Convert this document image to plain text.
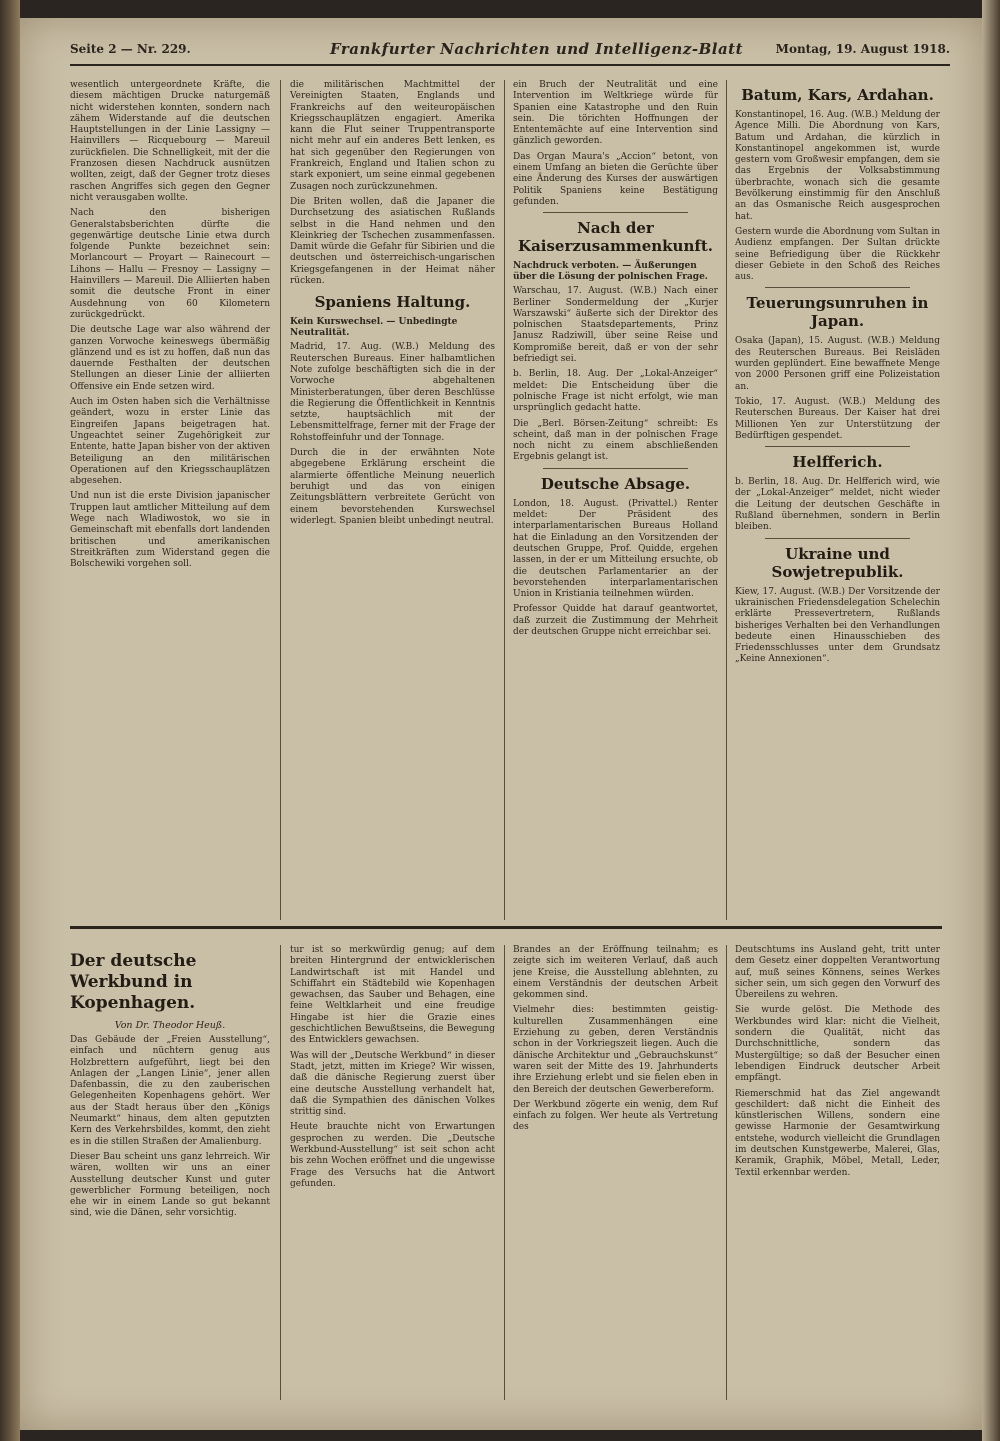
Seite 2 — Nr. 229.	Frankfurter Nachrichten und Intelligenz-Blatt	Montag, 19. August 1918.

wesentlich untergeordnete Kräfte, die diesem mächtigen Drucke naturgemäß nicht widerstehen konnten, sondern nach zähem Widerstande auf die deutschen Hauptstellungen in der Linie Lassigny — Hainvillers — Ricquebourg — Mareuil zurückfielen. Die Schnelligkeit, mit der die Franzosen diesen Nachdruck ausnützen wollten, zeigt, daß der Gegner trotz dieses raschen Angriffes sich gegen den Gegner nicht verausgaben wollte.

Nach den bisherigen Generalstabsberichten dürfte die gegenwärtige deutsche Linie etwa durch folgende Punkte bezeichnet sein: Morlancourt — Proyart — Rainecourt — Lihons — Hallu — Fresnoy — Lassigny — Hainvillers — Mareuil. Die Alliierten haben somit die deutsche Front in einer Ausdehnung von 60 Kilometern zurückgedrückt.

Die deutsche Lage war also während der ganzen Vorwoche keineswegs übermäßig glänzend und es ist zu hoffen, daß nun das dauernde Festhalten der deutschen Stellungen an dieser Linie der alliierten Offensive ein Ende setzen wird.

Auch im Osten haben sich die Verhältnisse geändert, wozu in erster Linie das Eingreifen Japans beigetragen hat. Ungeachtet seiner Zugehörigkeit zur Entente, hatte Japan bisher von der aktiven Beteiligung an den militärischen Operationen auf den Kriegsschauplätzen abgesehen.

Und nun ist die erste Division japanischer Truppen laut amtlicher Mitteilung auf dem Wege nach Wladiwostok, wo sie in Gemeinschaft mit ebenfalls dort landenden britischen und amerikanischen Streitkräften zum Widerstand gegen die Bolschewiki vorgehen soll.

die militärischen Machtmittel der Vereinigten Staaten, Englands und Frankreichs auf den weiteuropäischen Kriegsschauplätzen engagiert. Amerika kann die Flut seiner Truppentransporte nicht mehr auf ein anderes Bett lenken, es hat sich gegenüber den Regierungen von Frankreich, England und Italien schon zu stark exponiert, um seine einmal gegebenen Zusagen noch zurückzunehmen.

Die Briten wollen, daß die Japaner die Durchsetzung des asiatischen Rußlands selbst in die Hand nehmen und den Kleinkrieg der Tschechen zusammenfassen. Damit würde die Gefahr für Sibirien und die deutschen und österreichisch-ungarischen Kriegsgefangenen in der Heimat näher rücken.

Spaniens Haltung.
Kein Kurswechsel. — Unbedingte Neutralität.

Madrid, 17. Aug. (W.B.) Meldung des Reuterschen Bureaus. Einer halbamtlichen Note zufolge beschäftigten sich die in der Vorwoche abgehaltenen Ministerberatungen, über deren Beschlüsse die Regierung die Öffentlichkeit in Kenntnis setzte, hauptsächlich mit der Lebensmittelfrage, ferner mit der Frage der Rohstoffeinfuhr und der Tonnage.

Durch die in der erwähnten Note abgegebene Erklärung erscheint die alarmierte öffentliche Meinung neuerlich beruhigt und das von einigen Zeitungsblättern verbreitete Gerücht von einem bevorstehenden Kurswechsel widerlegt. Spanien bleibt unbedingt neutral.

ein Bruch der Neutralität und eine Intervention im Weltkriege würde für Spanien eine Katastrophe und den Ruin sein. Die törichten Hoffnungen der Ententemächte auf eine Intervention sind gänzlich geworden.

Das Organ Maura's „Accion“ betont, von einem Umfang an bieten die Gerüchte über eine Änderung des Kurses der auswärtigen Politik Spaniens keine Bestätigung gefunden.

Nach der Kaiserzusammenkunft.
Nachdruck verboten. — Äußerungen über die Lösung der polnischen Frage.

Warschau, 17. August. (W.B.) Nach einer Berliner Sondermeldung der „Kurjer Warszawski“ äußerte sich der Direktor des polnischen Staatsdepartements, Prinz Janusz Radziwill, über seine Reise und Kompromiße bereit, daß er von der sehr befriedigt sei.

b. Berlin, 18. Aug. Der „Lokal-Anzeiger“ meldet: Die Entscheidung über die polnische Frage ist nicht erfolgt, wie man ursprünglich gedacht hatte.

Die „Berl. Börsen-Zeitung“ schreibt: Es scheint, daß man in der polnischen Frage noch nicht zu einem abschließenden Ergebnis gelangt ist.

Deutsche Absage.

London, 18. August. (Privattel.) Renter meldet: Der Präsident des interparlamentarischen Bureaus Holland hat die Einladung an den Vorsitzenden der deutschen Gruppe, Prof. Quidde, ergehen lassen, in der er um Mitteilung ersuchte, ob die deutschen Parlamentarier an der bevorstehenden interparlamentarischen Union in Kristiania teilnehmen würden.

Professor Quidde hat darauf geantwortet, daß zurzeit die Zustimmung der Mehrheit der deutschen Gruppe nicht erreichbar sei.

Batum, Kars, Ardahan.

Konstantinopel, 16. Aug. (W.B.) Meldung der Agence Milli. Die Abordnung von Kars, Batum und Ardahan, die kürzlich in Konstantinopel angekommen ist, wurde gestern vom Großwesir empfangen, dem sie das Ergebnis der Volksabstimmung überbrachte, wonach sich die gesamte Bevölkerung einstimmig für den Anschluß an das Osmanische Reich ausgesprochen hat.

Gestern wurde die Abordnung vom Sultan in Audienz empfangen. Der Sultan drückte seine Befriedigung über die Rückkehr dieser Gebiete in den Schoß des Reiches aus.

Teuerungsunruhen in Japan.

Osaka (Japan), 15. August. (W.B.) Meldung des Reuterschen Bureaus. Bei Reisläden wurden geplündert. Eine bewaffnete Menge von 2000 Personen griff eine Polizeistation an.

Tokio, 17. August. (W.B.) Meldung des Reuterschen Bureaus. Der Kaiser hat drei Millionen Yen zur Unterstützung der Bedürftigen gespendet.

Helfferich.

b. Berlin, 18. Aug. Dr. Helfferich wird, wie der „Lokal-Anzeiger“ meldet, nicht wieder die Leitung der deutschen Geschäfte in Rußland übernehmen, sondern in Berlin bleiben.

Ukraine und Sowjetrepublik.

Kiew, 17. August. (W.B.) Der Vorsitzende der ukrainischen Friedensdelegation Schelechin erklärte Pressevertretern, Rußlands bisheriges Verhalten bei den Verhandlungen bedeute einen Hinausschieben des Friedensschlusses unter dem Grundsatz „Keine Annexionen“.

Der deutsche Werkbund in Kopenhagen.
Von Dr. Theodor Heuß.

Das Gebäude der „Freien Ausstellung“, einfach und nüchtern genug aus Holzbrettern aufgeführt, liegt bei den Anlagen der „Langen Linie“, jener allen Dafenbassin, die zu den zauberischen Gelegenheiten Kopenhagens gehört. Wer aus der Stadt heraus über den „Königs Neumarkt“ hinaus, dem alten geputzten Kern des Verkehrsbildes, kommt, den zieht es in die stillen Straßen der Amalienburg.

Dieser Bau scheint uns ganz lehrreich. Wir wären, wollten wir uns an einer Ausstellung deutscher Kunst und guter gewerblicher Formung beteiligen, noch ehe wir in einem Lande so gut bekannt sind, wie die Dänen, sehr vorsichtig.

tur ist so merkwürdig genug; auf dem breiten Hintergrund der entwicklerischen Landwirtschaft ist mit Handel und Schiffahrt ein Städtebild wie Kopenhagen gewachsen, das Sauber und Behagen, eine feine Weltklarheit und eine freudige Hingabe ist hier die Grazie eines geschichtlichen Bewußtseins, die Bewegung des Entwicklers gewachsen.

Was will der „Deutsche Werkbund“ in dieser Stadt, jetzt, mitten im Kriege? Wir wissen, daß die dänische Regierung zuerst über eine deutsche Ausstellung verhandelt hat, daß die Sympathien des dänischen Volkes strittig sind.

Heute brauchte nicht von Erwartungen gesprochen zu werden. Die „Deutsche Werkbund-Ausstellung“ ist seit schon acht bis zehn Wochen eröffnet und die ungewisse Frage des Versuchs hat die Antwort gefunden.

Brandes an der Eröffnung teilnahm; es zeigte sich im weiteren Verlauf, daß auch jene Kreise, die Ausstellung ablehnten, zu einem Verständnis der deutschen Arbeit gekommen sind.

Vielmehr dies: bestimmten geistig-kulturellen Zusammenhängen eine Erziehung zu geben, deren Verständnis schon in der Vorkriegszeit liegen. Auch die dänische Architektur und „Gebrauchskunst“ waren seit der Mitte des 19. Jahrhunderts ihre Erziehung erlebt und sie fielen eben in den Bereich der deutschen Gewerbereform.

Der Werkbund zögerte ein wenig, dem Ruf einfach zu folgen. Wer heute als Vertretung des

Deutschtums ins Ausland geht, tritt unter dem Gesetz einer doppelten Verantwortung auf, muß seines Könnens, seines Werkes sicher sein, um sich gegen den Vorwurf des Übereilens zu wehren.

Sie wurde gelöst. Die Methode des Werkbundes wird klar: nicht die Vielheit, sondern die Qualität, nicht das Durchschnittliche, sondern das Mustergültige; so daß der Besucher einen lebendigen Eindruck deutscher Arbeit empfängt.

Riemerschmid hat das Ziel angewandt geschildert: daß nicht die Einheit des künstlerischen Willens, sondern eine gewisse Harmonie der Gesamtwirkung entstehe, wodurch vielleicht die Grundlagen im deutschen Kunstgewerbe, Malerei, Glas, Keramik, Graphik, Möbel, Metall, Leder, Textil erkennbar werden.
